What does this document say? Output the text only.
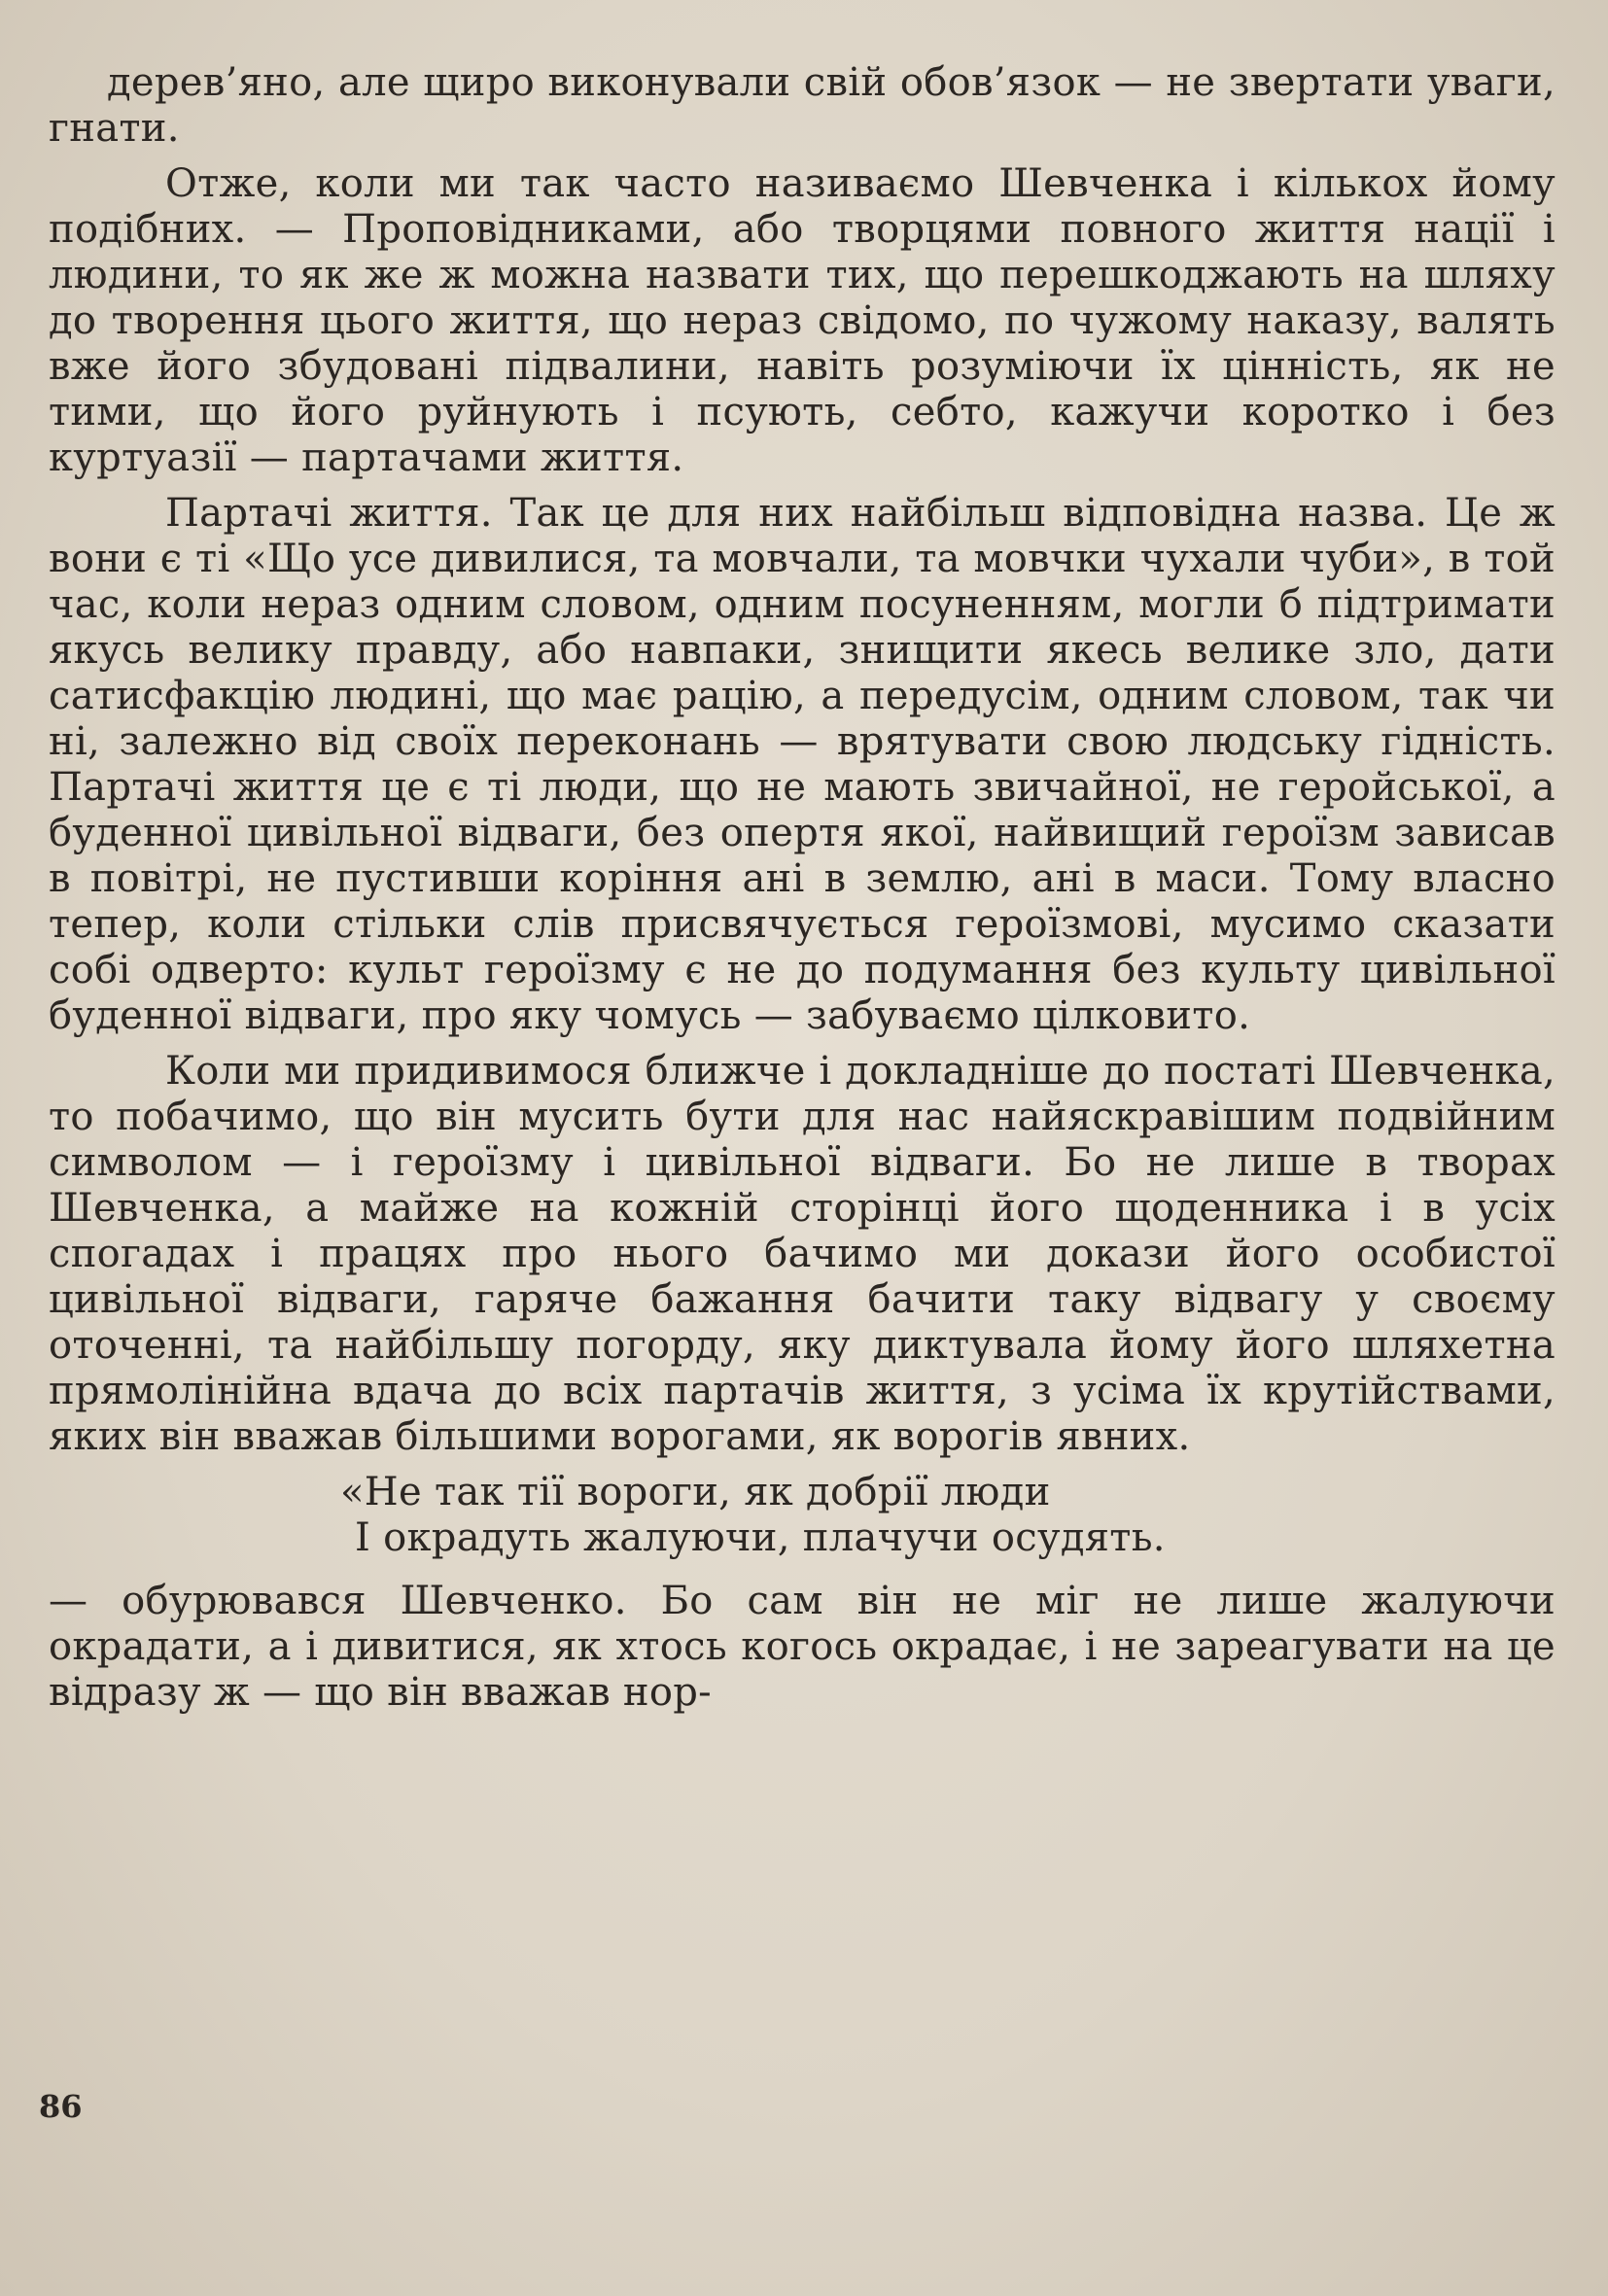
дерев’яно, але щиро виконували свій обов’язок — не звертати уваги, гнати.

Отже, коли ми так часто називаємо Шевченка і кількох йому подібних. — Проповідниками, або творцями повного життя нації і людини, то як же ж можна назвати тих, що перешкоджають на шляху до творення цього життя, що нераз свідомо, по чужому наказу, валять вже його збудовані підвалини, навіть розуміючи їх цінність, як не тими, що його руйнують і псують, себто, кажучи коротко і без куртуазії — партачами життя.

Партачі життя. Так це для них найбільш відповідна назва. Це ж вони є ті «Що усе дивилися, та мовчали, та мовчки чухали чуби», в той час, коли нераз одним словом, одним посуненням, могли б підтримати якусь велику правду, або навпаки, знищити якесь велике зло, дати сатисфакцію людині, що має рацію, а передусім, одним словом, так чи ні, залежно від своїх переконань — врятувати свою людську гідність. Партачі життя це є ті люди, що не мають звичайної, не геройської, а буденної цивільної відваги, без опертя якої, найвищий героїзм зависав в повітрі, не пустивши коріння ані в землю, ані в маси. Тому власно тепер, коли стільки слів присвячується героїзмові, мусимо сказати собі одверто: культ героїзму є не до подумання без культу цивільної буденної відваги, про яку чомусь — забуваємо цілковито.

Коли ми придивимося ближче і докладніше до постаті Шевченка, то побачимо, що він мусить бути для нас найяскравішим подвійним символом — і героїзму і цивільної відваги. Бо не лише в творах Шевченка, а майже на кожній сторінці його щоденника і в усіх спогадах і працях про нього бачимо ми докази його особистої цивільної відваги, гаряче бажання бачити таку відвагу у своєму оточенні, та найбільшу погорду, яку диктувала йому його шляхетна прямолінійна вдача до всіх партачів життя, з усіма їх крутійствами, яких він вважав більшими ворогами, як ворогів явних.

«Не так тії вороги, як добрії люди
І окрадуть жалуючи, плачучи осудять.

— обурювався Шевченко. Бо сам він не міг не лише жалуючи окрадати, а і дивитися, як хтось когось окрадає, і не зареагувати на це відразу ж — що він вважав нор-

86
